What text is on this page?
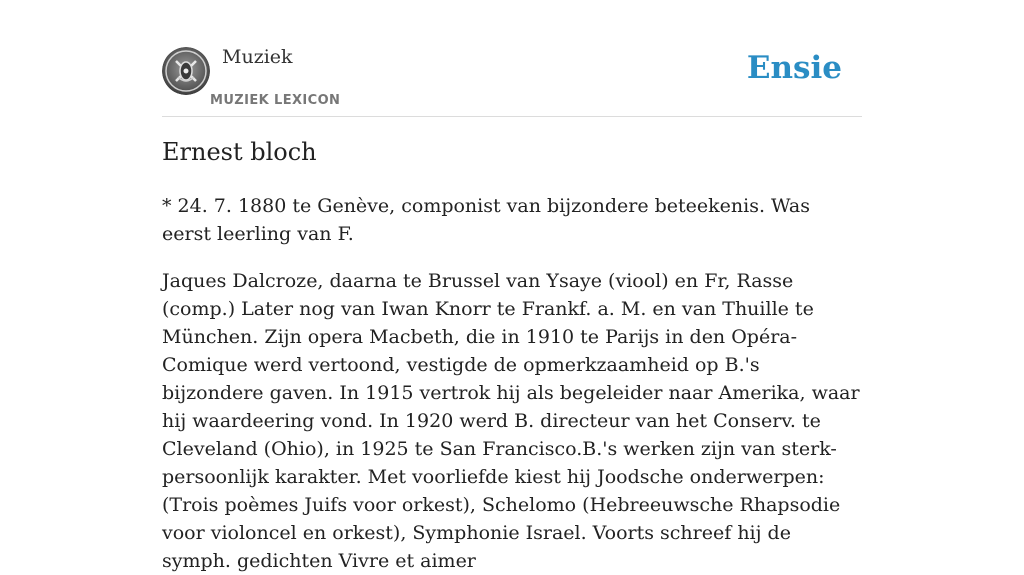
Muziek
MUZIEK LEXICON
Ensie
Ernest bloch

* 24. 7. 1880 te Genève, componist van bijzondere beteekenis. Was eerst leerling van F.

Jaques Dalcroze, daarna te Brussel van Ysaye (viool) en Fr, Rasse (comp.) Later nog van Iwan Knorr te Frankf. a. M. en van Thuille te München. Zijn opera Macbeth, die in 1910 te Parijs in den Opéra-Comique werd vertoond, vestigde de opmerkzaamheid op B.'s bijzondere gaven. In 1915 vertrok hij als begeleider naar Amerika, waar hij waardeering vond. In 1920 werd B. directeur van het Conserv. te Cleveland (Ohio), in 1925 te San Francisco.B.'s werken zijn van sterk-persoonlijk karakter. Met voorliefde kiest hij Joodsche onderwerpen: (Trois poèmes Juifs voor orkest), Schelomo (Hebreeuwsche Rhapsodie voor violoncel en orkest), Symphonie Israel. Voorts schreef hij de symph. gedichten Vivre et aimer
